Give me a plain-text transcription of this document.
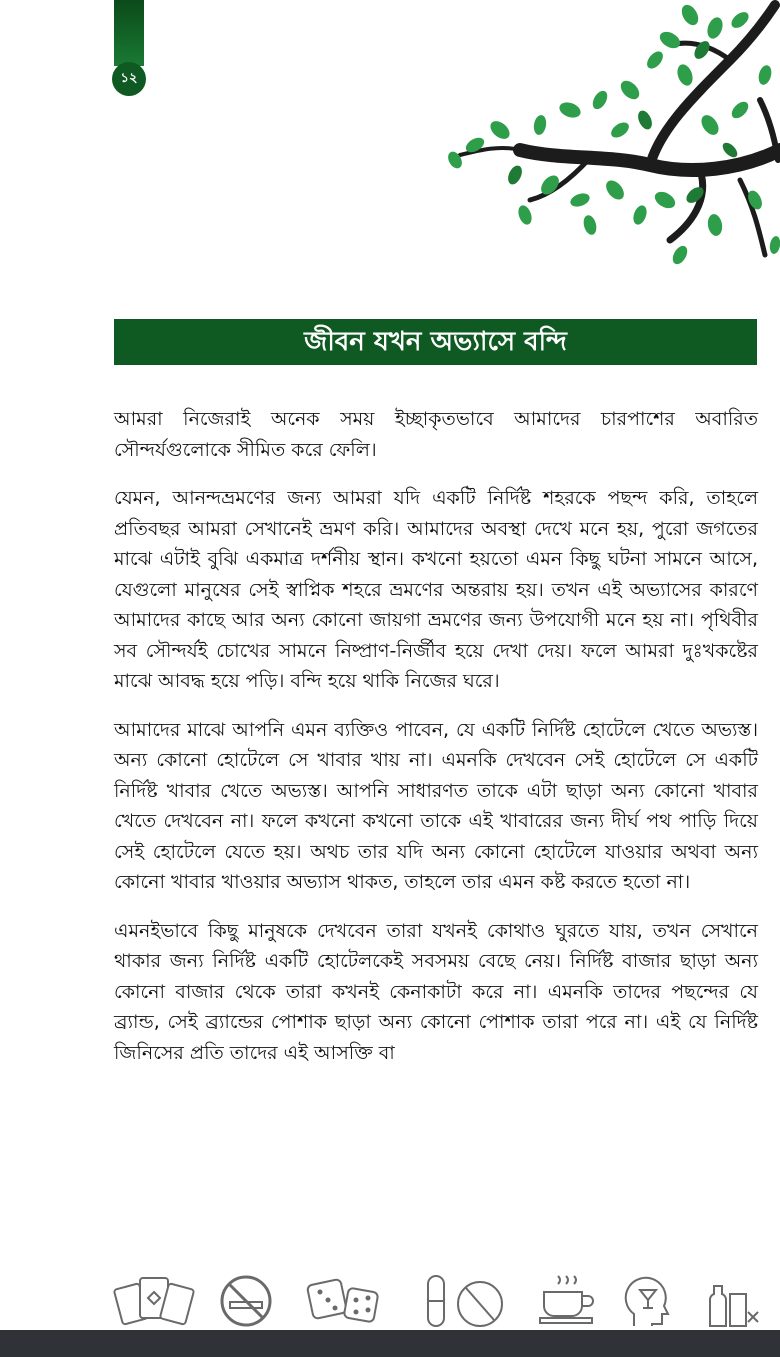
১২
জীবন যখন অভ্যাসে বন্দি

আমরা নিজেরাই অনেক সময় ইচ্ছাকৃতভাবে আমাদের চারপাশের অবারিত সৌন্দর্যগুলোকে সীমিত করে ফেলি।

যেমন, আনন্দভ্রমণের জন্য আমরা যদি একটি নির্দিষ্ট শহরকে পছন্দ করি, তাহলে প্রতিবছর আমরা সেখানেই ভ্রমণ করি। আমাদের অবস্থা দেখে মনে হয়, পুরো জগতের মাঝে এটাই বুঝি একমাত্র দর্শনীয় স্থান। কখনো হয়তো এমন কিছু ঘটনা সামনে আসে, যেগুলো মানুষের সেই স্বাপ্নিক শহরে ভ্রমণের অন্তরায় হয়। তখন এই অভ্যাসের কারণে আমাদের কাছে আর অন্য কোনো জায়গা ভ্রমণের জন্য উপযোগী মনে হয় না। পৃথিবীর সব সৌন্দর্যই চোখের সামনে নিষ্প্রাণ-নির্জীব হয়ে দেখা দেয়। ফলে আমরা দুঃখকষ্টের মাঝে আবদ্ধ হয়ে পড়ি। বন্দি হয়ে থাকি নিজের ঘরে।

আমাদের মাঝে আপনি এমন ব্যক্তিও পাবেন, যে একটি নির্দিষ্ট হোটেলে খেতে অভ্যস্ত। অন্য কোনো হোটেলে সে খাবার খায় না। এমনকি দেখবেন সেই হোটেলে সে একটি নির্দিষ্ট খাবার খেতে অভ্যস্ত। আপনি সাধারণত তাকে এটা ছাড়া অন্য কোনো খাবার খেতে দেখবেন না। ফলে কখনো কখনো তাকে এই খাবারের জন্য দীর্ঘ পথ পাড়ি দিয়ে সেই হোটেলে যেতে হয়। অথচ তার যদি অন্য কোনো হোটেলে যাওয়ার অথবা অন্য কোনো খাবার খাওয়ার অভ্যাস থাকত, তাহলে তার এমন কষ্ট করতে হতো না।

এমনইভাবে কিছু মানুষকে দেখবেন তারা যখনই কোথাও ঘুরতে যায়, তখন সেখানে থাকার জন্য নির্দিষ্ট একটি হোটেলকেই সবসময় বেছে নেয়। নির্দিষ্ট বাজার ছাড়া অন্য কোনো বাজার থেকে তারা কখনই কেনাকাটা করে না। এমনকি তাদের পছন্দের যে ব্র্যান্ড, সেই ব্র্যান্ডের পোশাক ছাড়া অন্য কোনো পোশাক তারা পরে না। এই যে নির্দিষ্ট জিনিসের প্রতি তাদের এই আসক্তি বা
